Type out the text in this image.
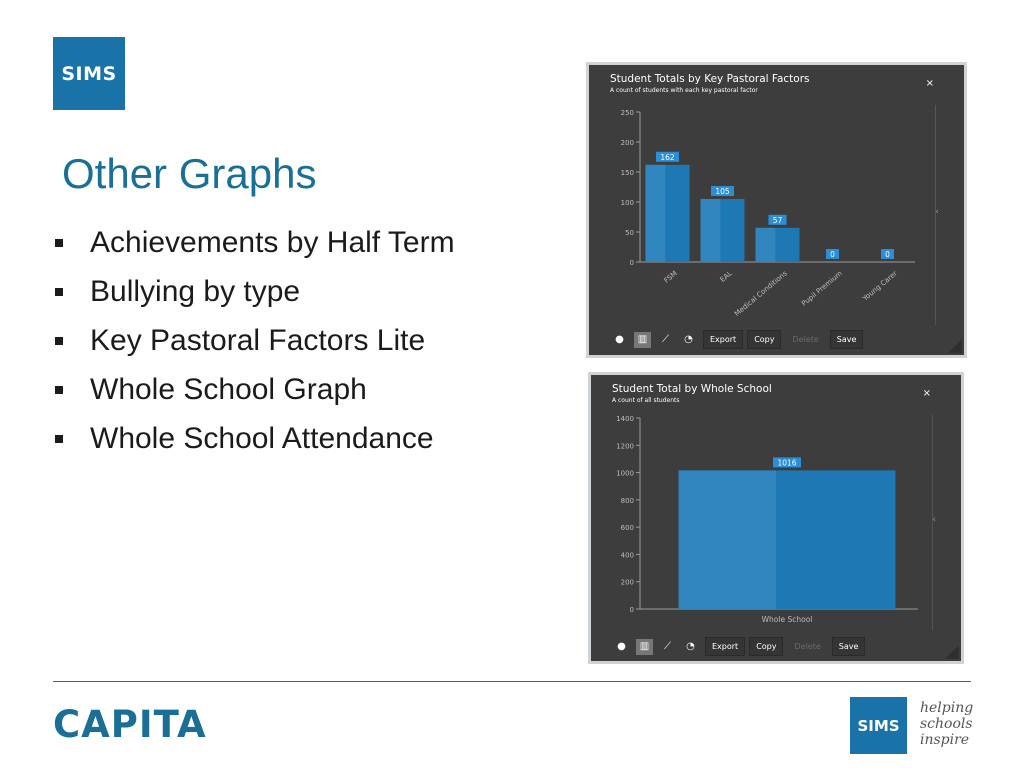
SIMS
Other Graphs
Achievements by Half Term
Bullying by type
Key Pastoral Factors Lite
Whole School Graph
Whole School Attendance
Student Totals by Key Pastoral Factors
A count of students with each key pastoral factor
×
‹
0
50
100
150
200
250
162
FSM
105
EAL
57
Medical Conditions
0
Pupil Premium
0
Young Carer
●	▥	⟋	◔	Export	Copy	Delete	Save
Student Total by Whole School
A count of all students
×
‹
0
200
400
600
800
1000
1200
1400
1016
Whole School
●	▥	⟋	◔	Export	Copy	Delete	Save
CAPITA	SIMS
helping
schools
inspire
